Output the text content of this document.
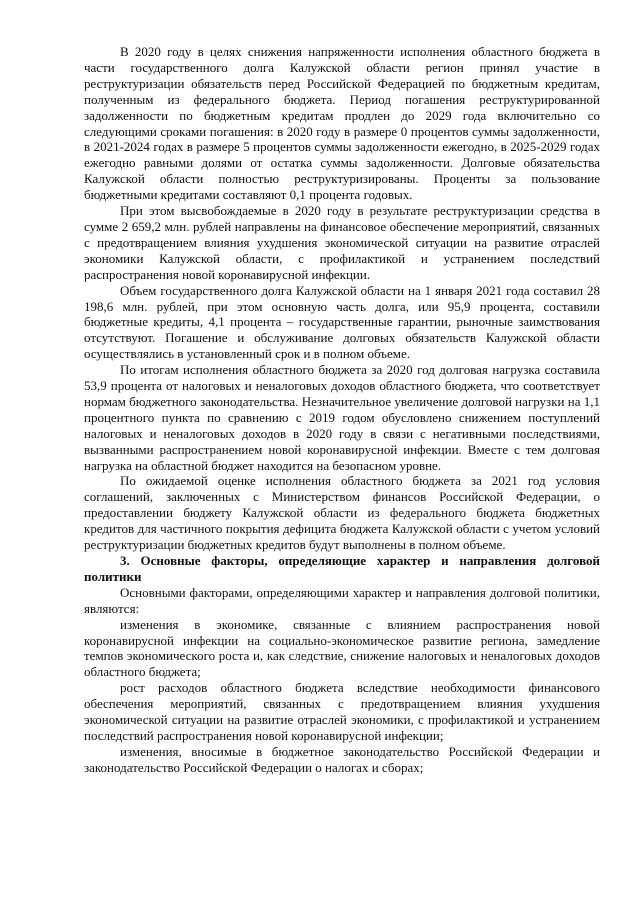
В 2020 году в целях снижения напряженности исполнения областного бюджета в части государственного долга Калужской области регион принял участие в реструктуризации обязательств перед Российской Федерацией по бюджетным кредитам, полученным из федерального бюджета. Период погашения реструктурированной задолженности по бюджетным кредитам продлен до 2029 года включительно со следующими сроками погашения: в 2020 году в размере 0 процентов суммы задолженности, в 2021-2024 годах в размере 5 процентов суммы задолженности ежегодно, в 2025-2029 годах ежегодно равными долями от остатка суммы задолженности. Долговые обязательства Калужской области полностью реструктуризированы. Проценты за пользование бюджетными кредитами составляют 0,1 процента годовых.

При этом высвобождаемые в 2020 году в результате реструктуризации средства в сумме 2 659,2 млн. рублей направлены на финансовое обеспечение мероприятий, связанных с предотвращением влияния ухудшения экономической ситуации на развитие отраслей экономики Калужской области, с профилактикой и устранением последствий распространения новой коронавирусной инфекции.

Объем государственного долга Калужской области на 1 января 2021 года составил 28 198,6 млн. рублей, при этом основную часть долга, или 95,9 процента, составили бюджетные кредиты, 4,1 процента – государственные гарантии, рыночные заимствования отсутствуют. Погашение и обслуживание долговых обязательств Калужской области осуществлялись в установленный срок и в полном объеме.

По итогам исполнения областного бюджета за 2020 год долговая нагрузка составила 53,9 процента от налоговых и неналоговых доходов областного бюджета, что соответствует нормам бюджетного законодательства. Незначительное увеличение долговой нагрузки на 1,1 процентного пункта по сравнению с 2019 годом обусловлено снижением поступлений налоговых и неналоговых доходов в 2020 году в связи с негативными последствиями, вызванными распространением новой коронавирусной инфекции. Вместе с тем долговая нагрузка на областной бюджет находится на безопасном уровне.

По ожидаемой оценке исполнения областного бюджета за 2021 год условия соглашений, заключенных с Министерством финансов Российской Федерации, о предоставлении бюджету Калужской области из федерального бюджета бюджетных кредитов для частичного покрытия дефицита бюджета Калужской области с учетом условий реструктуризации бюджетных кредитов будут выполнены в полном объеме.

3. Основные факторы, определяющие характер и направления долговой политики

Основными факторами, определяющими характер и направления долговой политики, являются:

изменения в экономике, связанные с влиянием распространения новой коронавирусной инфекции на социально-экономическое развитие региона, замедление темпов экономического роста и, как следствие, снижение налоговых и неналоговых доходов областного бюджета;

рост расходов областного бюджета вследствие необходимости финансового обеспечения мероприятий, связанных с предотвращением влияния ухудшения экономической ситуации на развитие отраслей экономики, с профилактикой и устранением последствий распространения новой коронавирусной инфекции;

изменения, вносимые в бюджетное законодательство Российской Федерации и законодательство Российской Федерации о налогах и сборах;
